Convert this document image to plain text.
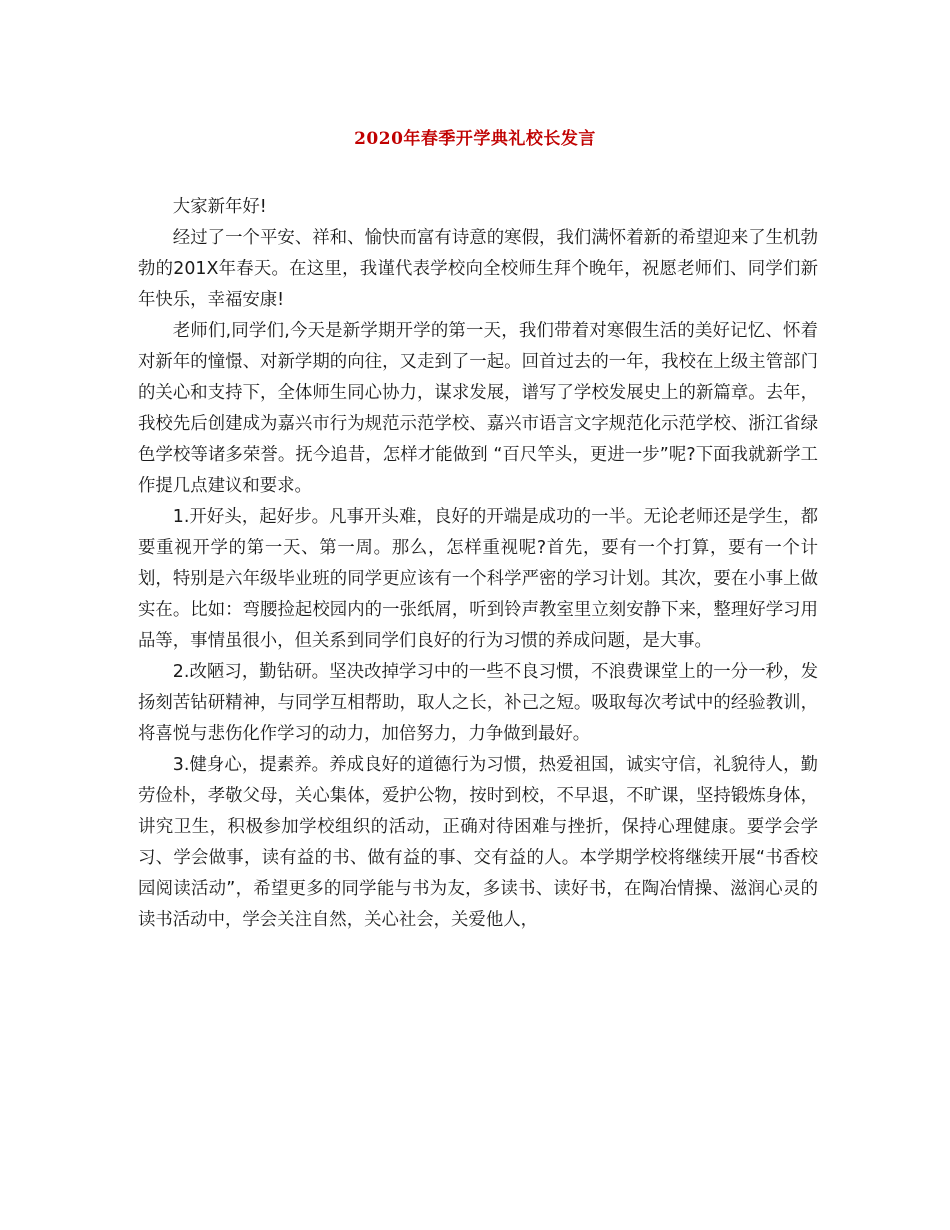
2020年春季开学典礼校长发言

大家新年好!

经过了一个平安、祥和、愉快而富有诗意的寒假，我们满怀着新的希望迎来了生机勃勃的201X年春天。在这里，我谨代表学校向全校师生拜个晚年，祝愿老师们、同学们新年快乐，幸福安康!

老师们,同学们,今天是新学期开学的第一天，我们带着对寒假生活的美好记忆、怀着对新年的憧憬、对新学期的向往，又走到了一起。回首过去的一年，我校在上级主管部门的关心和支持下，全体师生同心协力，谋求发展，谱写了学校发展史上的新篇章。去年，我校先后创建成为嘉兴市行为规范示范学校、嘉兴市语言文字规范化示范学校、浙江省绿色学校等诸多荣誉。抚今追昔，怎样才能做到 “百尺竿头，更进一步”呢?下面我就新学工作提几点建议和要求。

1.开好头，起好步。凡事开头难，良好的开端是成功的一半。无论老师还是学生，都要重视开学的第一天、第一周。那么，怎样重视呢?首先，要有一个打算，要有一个计划，特别是六年级毕业班的同学更应该有一个科学严密的学习计划。其次，要在小事上做实在。比如：弯腰捡起校园内的一张纸屑，听到铃声教室里立刻安静下来，整理好学习用品等，事情虽很小，但关系到同学们良好的行为习惯的养成问题，是大事。

2.改陋习，勤钻研。坚决改掉学习中的一些不良习惯，不浪费课堂上的一分一秒，发扬刻苦钻研精神，与同学互相帮助，取人之长，补己之短。吸取每次考试中的经验教训，将喜悦与悲伤化作学习的动力，加倍努力，力争做到最好。

3.健身心，提素养。养成良好的道德行为习惯，热爱祖国，诚实守信，礼貌待人，勤劳俭朴，孝敬父母，关心集体，爱护公物，按时到校，不早退，不旷课，坚持锻炼身体，讲究卫生，积极参加学校组织的活动，正确对待困难与挫折，保持心理健康。要学会学习、学会做事，读有益的书、做有益的事、交有益的人。本学期学校将继续开展“书香校园阅读活动”，希望更多的同学能与书为友，多读书、读好书，在陶冶情操、滋润心灵的读书活动中，学会关注自然，关心社会，关爱他人，
